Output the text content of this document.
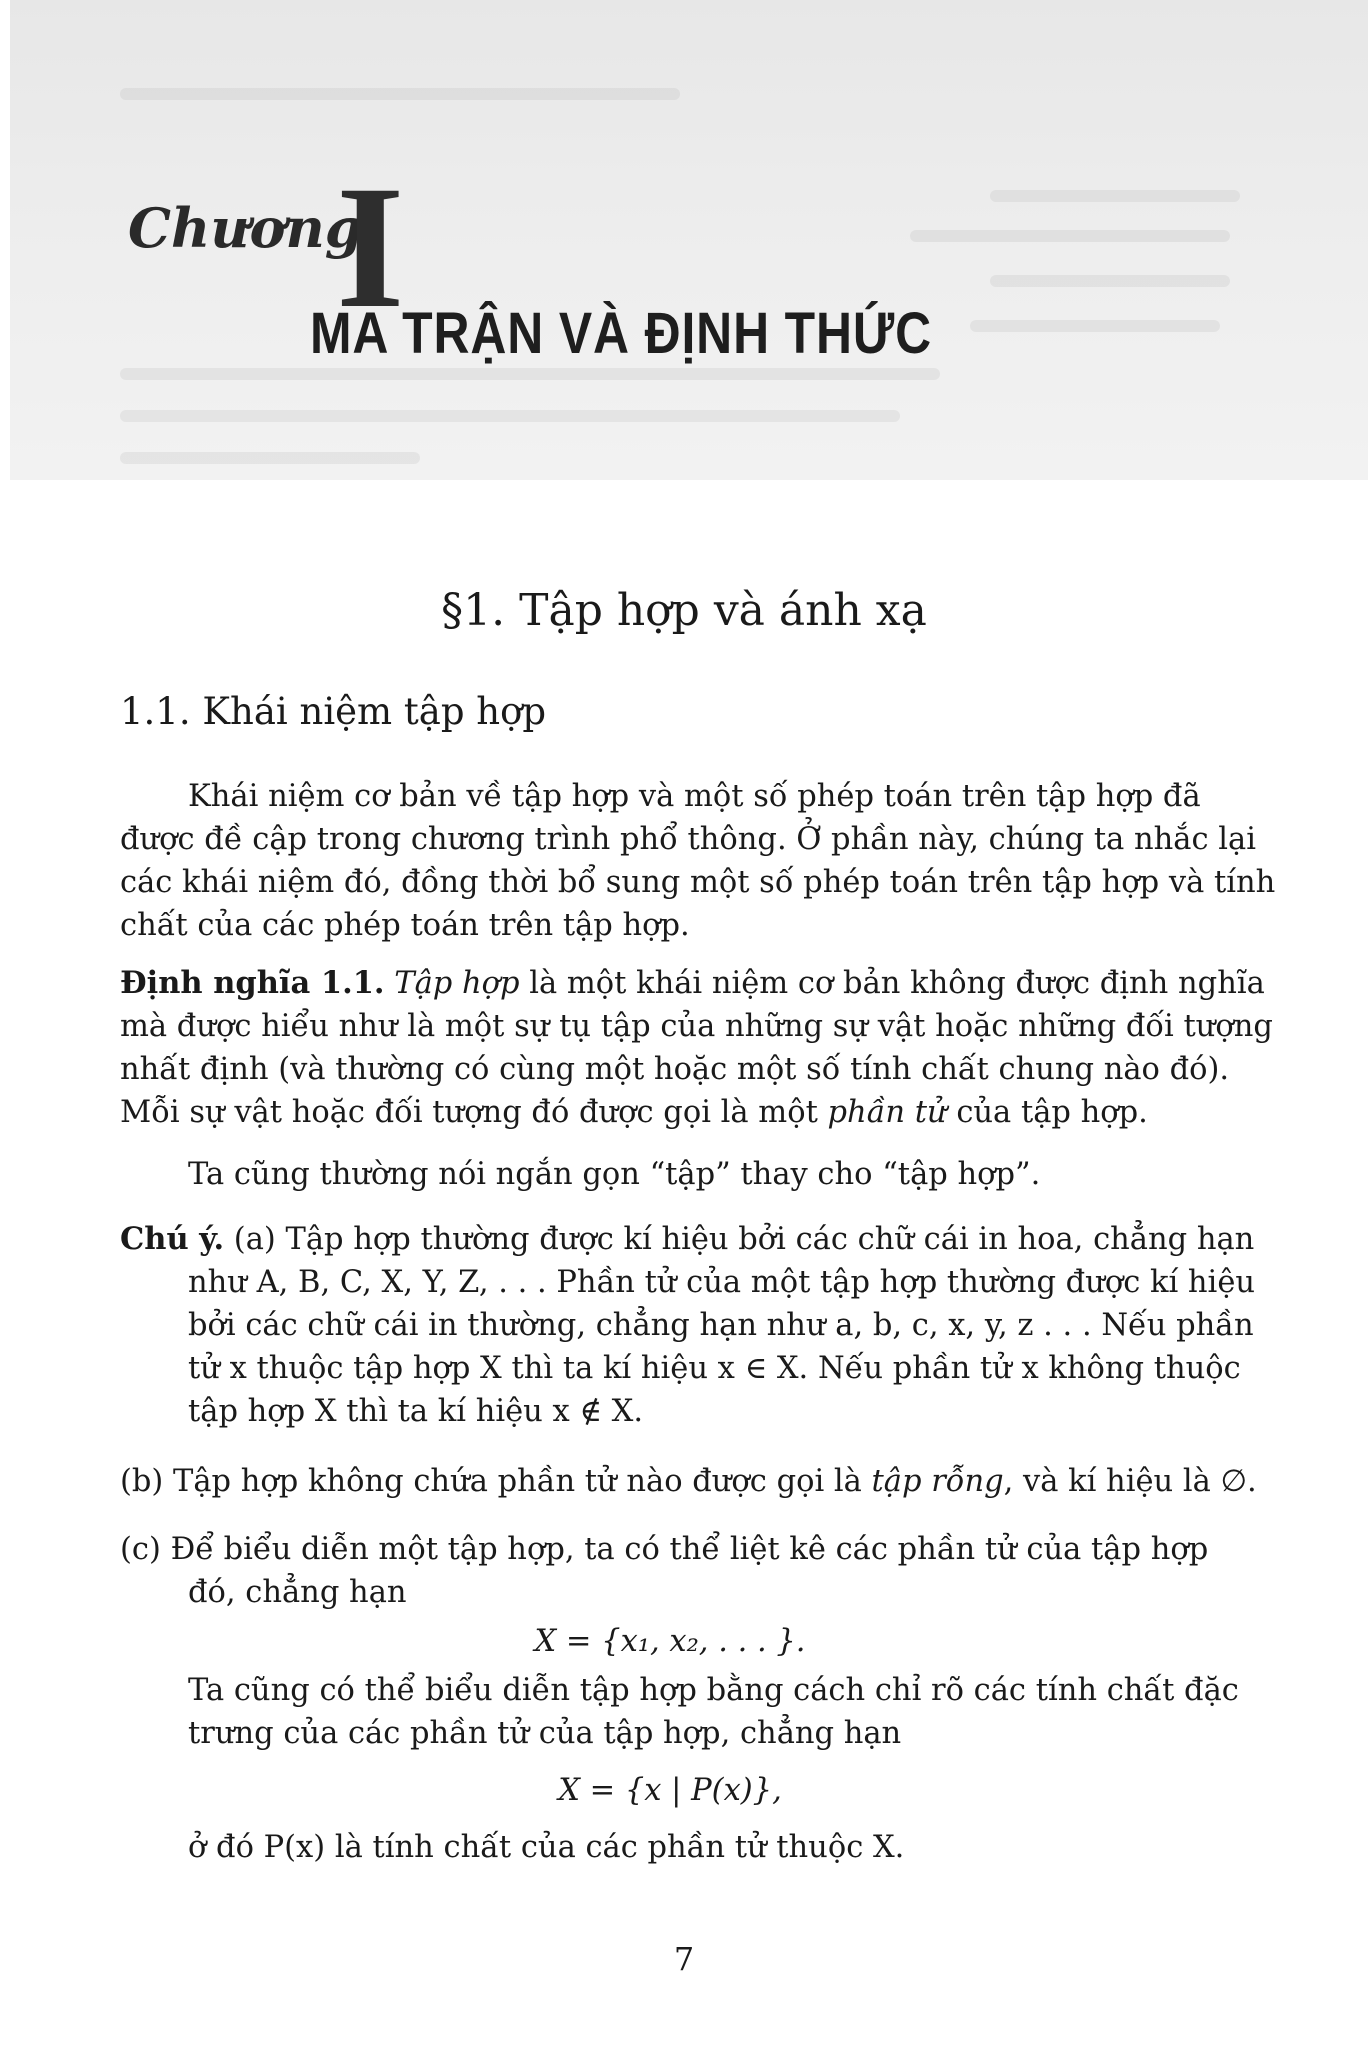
Chương
I
MA TRẬN VÀ ĐỊNH THỨC
§1. Tập hợp và ánh xạ
1.1. Khái niệm tập hợp
Khái niệm cơ bản về tập hợp và một số phép toán trên tập hợp đã
được đề cập trong chương trình phổ thông. Ở phần này, chúng ta nhắc lại
các khái niệm đó, đồng thời bổ sung một số phép toán trên tập hợp và tính
chất của các phép toán trên tập hợp.
Định nghĩa 1.1. Tập hợp là một khái niệm cơ bản không được định nghĩa
mà được hiểu như là một sự tụ tập của những sự vật hoặc những đối tượng
nhất định (và thường có cùng một hoặc một số tính chất chung nào đó).
Mỗi sự vật hoặc đối tượng đó được gọi là một phần tử của tập hợp.
Ta cũng thường nói ngắn gọn “tập” thay cho “tập hợp”.
Chú ý. (a) Tập hợp thường được kí hiệu bởi các chữ cái in hoa, chẳng hạn
như A, B, C, X, Y, Z, . . . Phần tử của một tập hợp thường được kí hiệu
bởi các chữ cái in thường, chẳng hạn như a, b, c, x, y, z . . . Nếu phần
tử x thuộc tập hợp X thì ta kí hiệu x ∈ X. Nếu phần tử x không thuộc
tập hợp X thì ta kí hiệu x ∉ X.
(b) Tập hợp không chứa phần tử nào được gọi là tập rỗng, và kí hiệu là ∅.
(c) Để biểu diễn một tập hợp, ta có thể liệt kê các phần tử của tập hợp
đó, chẳng hạn
X = {x₁, x₂, . . . }.
Ta cũng có thể biểu diễn tập hợp bằng cách chỉ rõ các tính chất đặc
trưng của các phần tử của tập hợp, chẳng hạn
X = {x | P(x)},
ở đó P(x) là tính chất của các phần tử thuộc X.
7
